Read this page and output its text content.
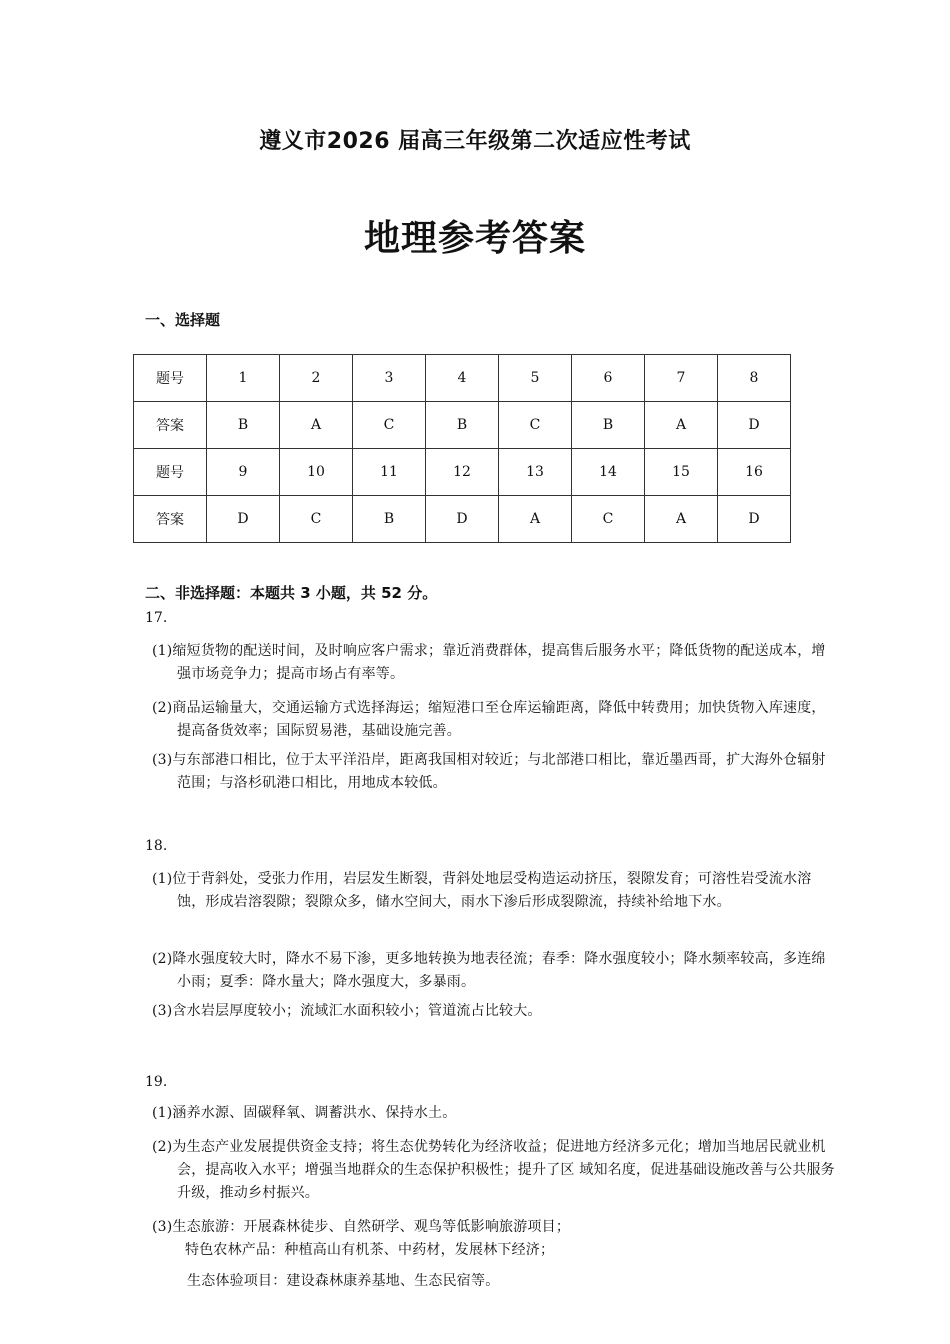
遵义市2026 届高三年级第二次适应性考试
地理参考答案
一、选择题
题号	1	2	3	4	5	6	7	8
答案	B	A	C	B	C	B	A	D
题号	9	10	11	12	13	14	15	16
答案	D	C	B	D	A	C	A	D
二、非选择题：本题共 3 小题，共 52 分。
17.
(1)缩短货物的配送时间，及时响应客户需求；靠近消费群体，提高售后服务水平；降低货物的配送成本，增强市场竞争力；提高市场占有率等。
(2)商品运输量大，交通运输方式选择海运；缩短港口至仓库运输距离，降低中转费用；加快货物入库速度，提高备货效率；国际贸易港，基础设施完善。
(3)与东部港口相比，位于太平洋沿岸，距离我国相对较近；与北部港口相比，靠近墨西哥，扩大海外仓辐射范围；与洛杉矶港口相比，用地成本较低。
18.
(1)位于背斜处，受张力作用，岩层发生断裂，背斜处地层受构造运动挤压，裂隙发育；可溶性岩受流水溶蚀，形成岩溶裂隙；裂隙众多，储水空间大，雨水下渗后形成裂隙流，持续补给地下水。
(2)降水强度较大时，降水不易下渗，更多地转换为地表径流；春季：降水强度较小；降水频率较高，多连绵小雨；夏季：降水量大；降水强度大，多暴雨。
(3)含水岩层厚度较小；流域汇水面积较小；管道流占比较大。
19.
(1)涵养水源、固碳释氧、调蓄洪水、保持水土。
(2)为生态产业发展提供资金支持；将生态优势转化为经济收益；促进地方经济多元化；增加当地居民就业机会，提高收入水平；增强当地群众的生态保护积极性；提升了区 域知名度，促进基础设施改善与公共服务升级，推动乡村振兴。
(3)生态旅游：开展森林徒步、自然研学、观鸟等低影响旅游项目；
特色农林产品：种植高山有机茶、中药材，发展林下经济；
生态体验项目：建设森林康养基地、生态民宿等。
